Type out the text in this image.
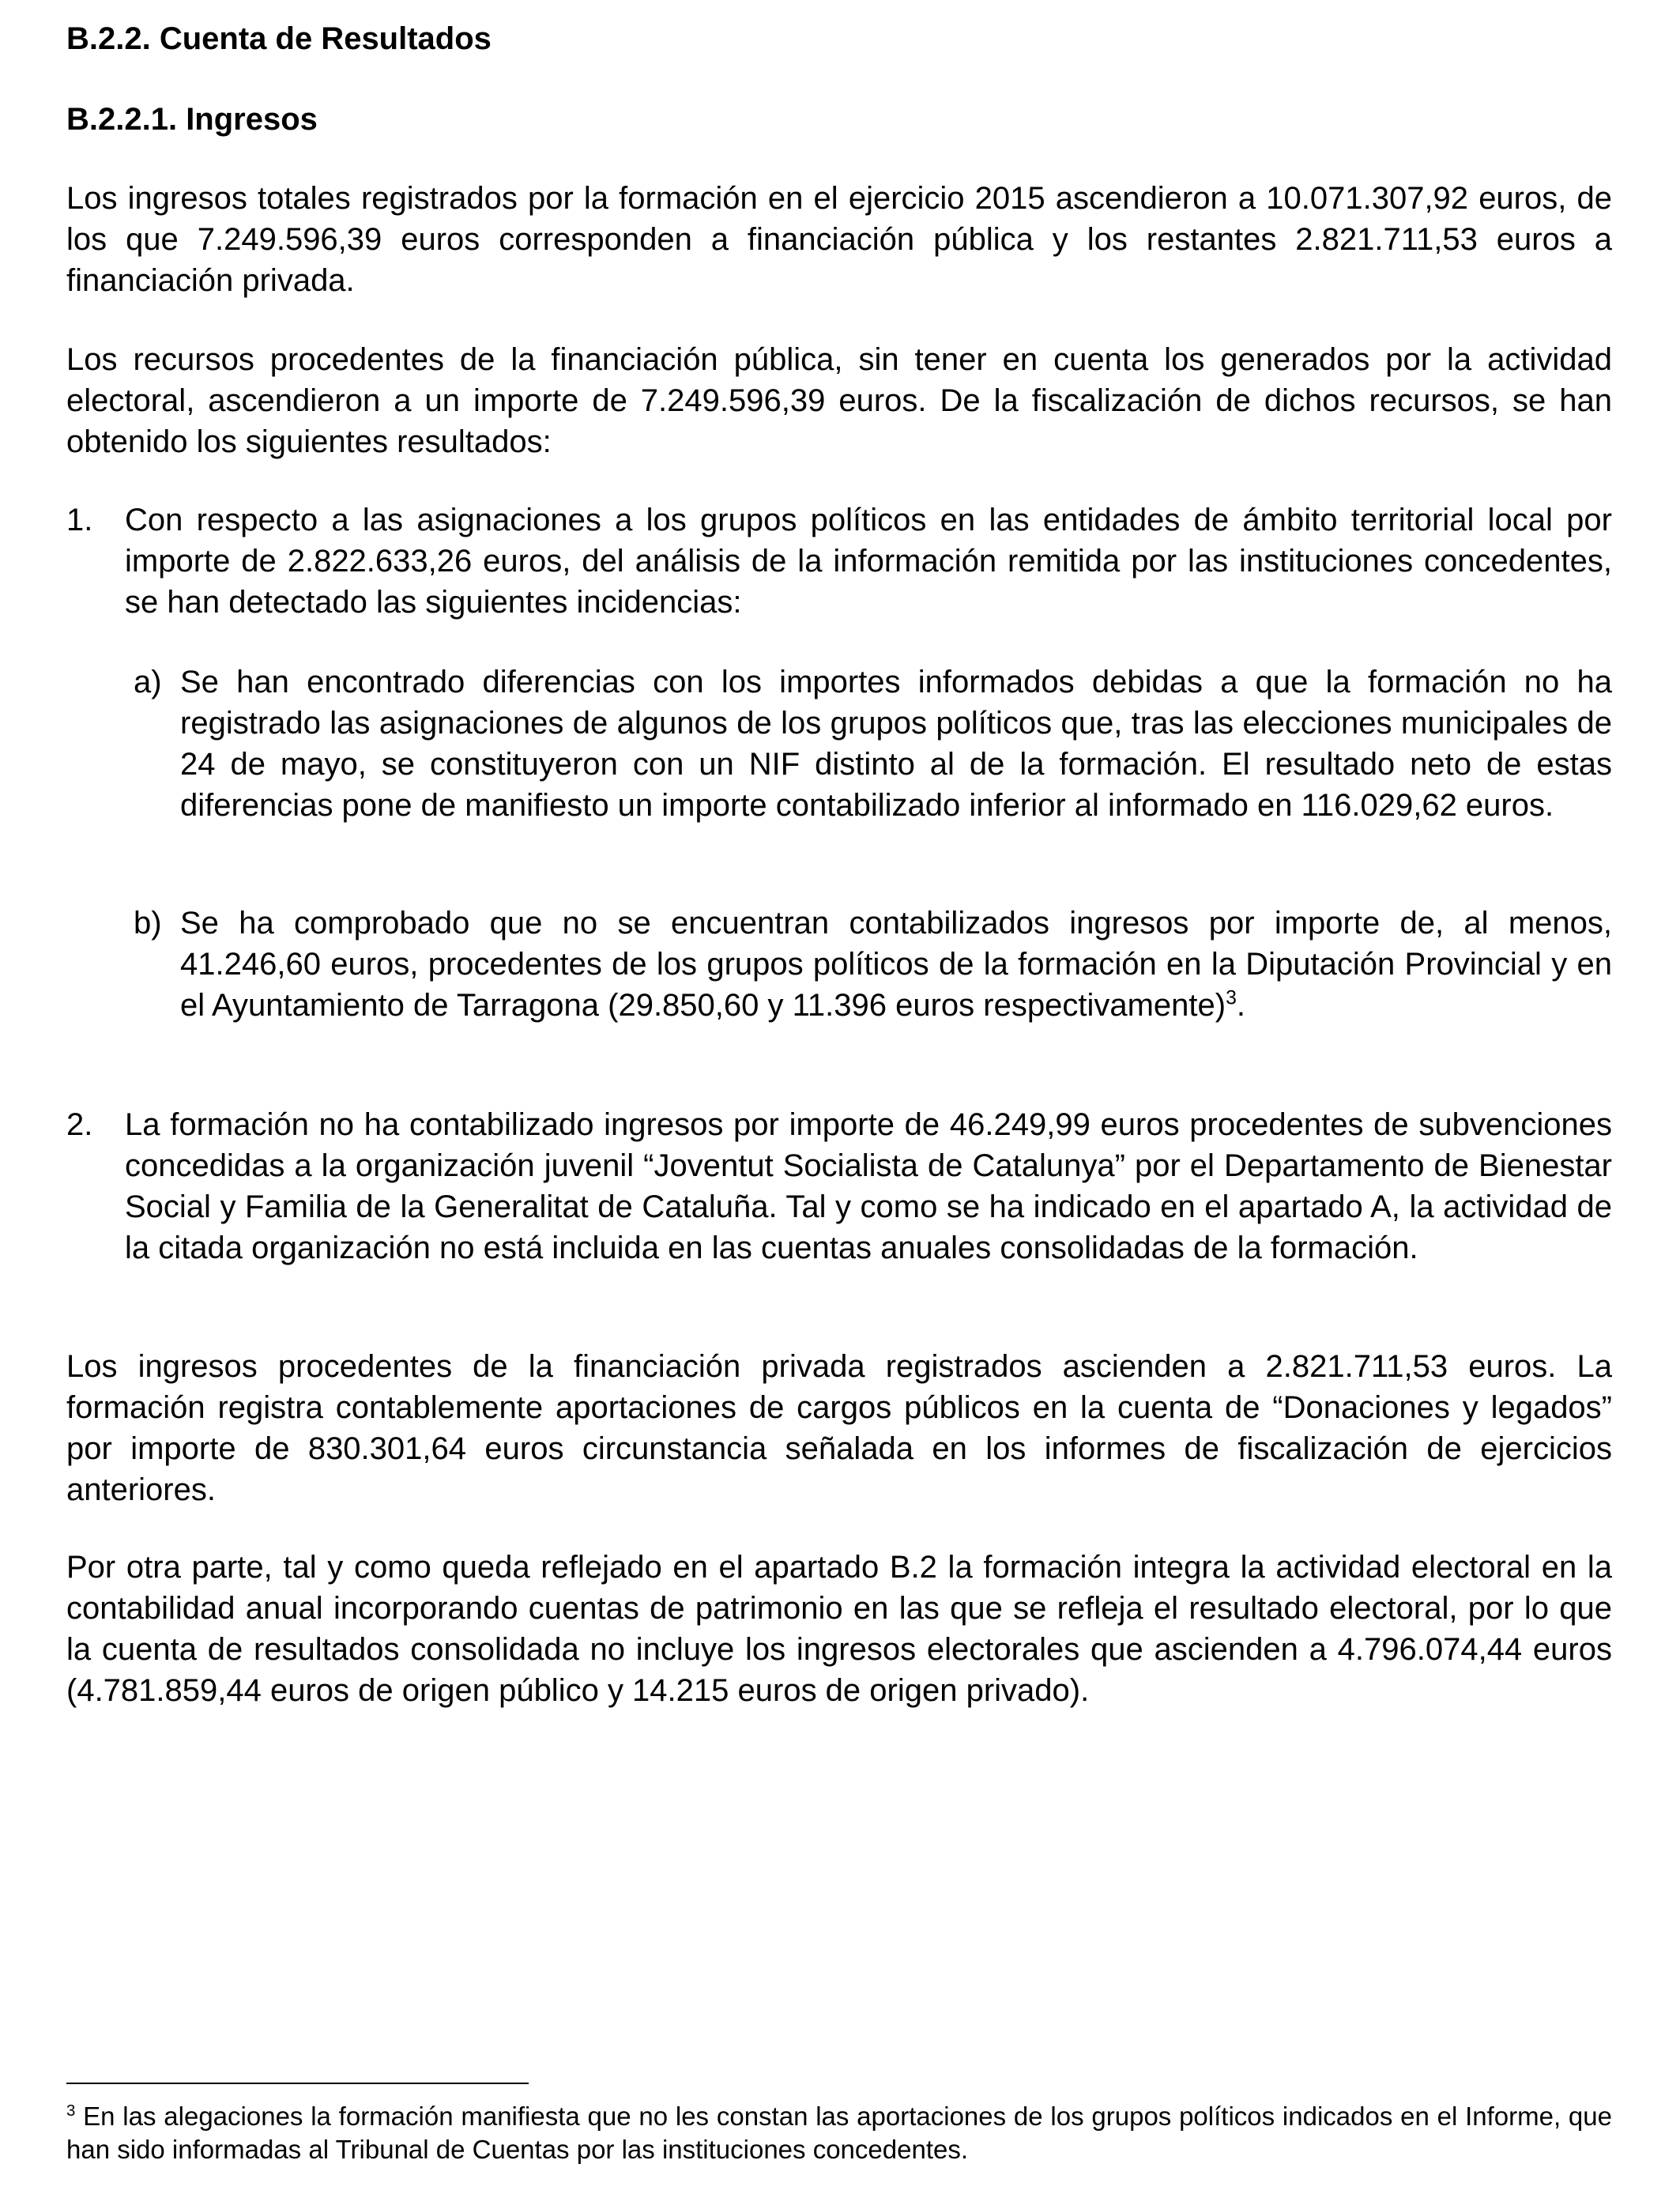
B.2.2. Cuenta de Resultados
B.2.2.1. Ingresos

Los ingresos totales registrados por la formación en el ejercicio 2015 ascendieron a 10.071.307,92 euros, de los que 7.249.596,39 euros corresponden a financiación pública y los restantes 2.821.711,53 euros a financiación privada.

Los recursos procedentes de la financiación pública, sin tener en cuenta los generados por la actividad electoral, ascendieron a un importe de 7.249.596,39 euros. De la fiscalización de dichos recursos, se han obtenido los siguientes resultados:

1. Con respecto a las asignaciones a los grupos políticos en las entidades de ámbito territorial local por importe de 2.822.633,26 euros, del análisis de la información remitida por las instituciones concedentes, se han detectado las siguientes incidencias:

a) Se han encontrado diferencias con los importes informados debidas a que la formación no ha registrado las asignaciones de algunos de los grupos políticos que, tras las elecciones municipales de 24 de mayo, se constituyeron con un NIF distinto al de la formación. El resultado neto de estas diferencias pone de manifiesto un importe contabilizado inferior al informado en 116.029,62 euros.

b) Se ha comprobado que no se encuentran contabilizados ingresos por importe de, al menos, 41.246,60 euros, procedentes de los grupos políticos de la formación en la Diputación Provincial y en el Ayuntamiento de Tarragona (29.850,60 y 11.396 euros respectivamente)$^3$.

2. La formación no ha contabilizado ingresos por importe de 46.249,99 euros procedentes de subvenciones concedidas a la organización juvenil “Joventut Socialista de Catalunya” por el Departamento de Bienestar Social y Familia de la Generalitat de Cataluña. Tal y como se ha indicado en el apartado A, la actividad de la citada organización no está incluida en las cuentas anuales consolidadas de la formación.

Los ingresos procedentes de la financiación privada registrados ascienden a 2.821.711,53 euros. La formación registra contablemente aportaciones de cargos públicos en la cuenta de “Donaciones y legados” por importe de 830.301,64 euros circunstancia señalada en los informes de fiscalización de ejercicios anteriores.

Por otra parte, tal y como queda reflejado en el apartado B.2 la formación integra la actividad electoral en la contabilidad anual incorporando cuentas de patrimonio en las que se refleja el resultado electoral, por lo que la cuenta de resultados consolidada no incluye los ingresos electorales que ascienden a 4.796.074,44 euros (4.781.859,44 euros de origen público y 14.215 euros de origen privado).

$^3$ En las alegaciones la formación manifiesta que no les constan las aportaciones de los grupos políticos indicados en el Informe, que han sido informadas al Tribunal de Cuentas por las instituciones concedentes.
